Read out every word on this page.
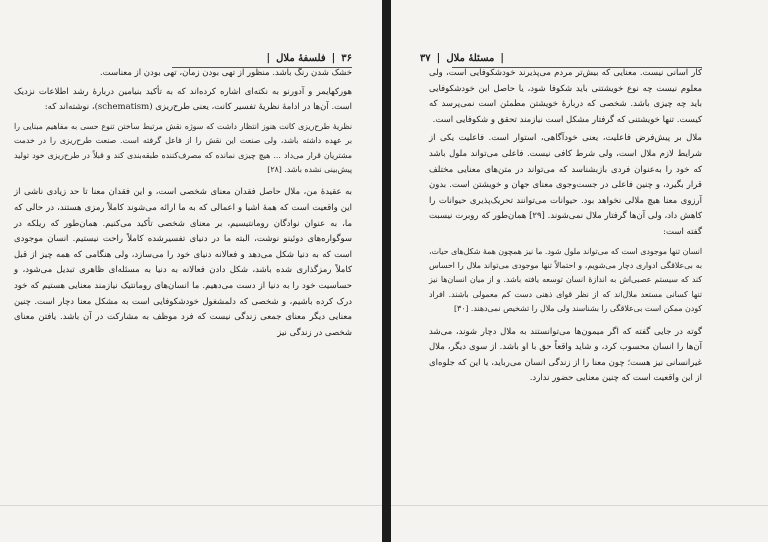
۳۶|فلسفهٔ ملال|

خشک شدن رنگ باشد. منظور از تهی بودن زمان، تهی بودن از معناست.

هورکهایمر و آدورنو به نکته‌ای اشاره کرده‌اند که به تأکید بنیامین دربارهٔ رشد اطلاعات نزدیک است. آن‌ها در ادامهٔ نظریهٔ تفسیر کانت، یعنی طرح‌ریزی (schematism)، نوشته‌اند که:

نظریهٔ طرح‌ریزی کانت هنوز انتظار داشت که سوژه نقش مرتبط ساختن تنوع حسی به مفاهیم مبنایی را بر عهده داشته باشد، ولی صنعت این نقش را از فاعل گرفته است. صنعت طرح‌ریزی را در خدمت مشتریان قرار می‌داد ... هیچ چیزی نمانده که مصرف‌کننده طبقه‌بندی کند و قبلاً در طرح‌ریزی خود تولید پیش‌بینی نشده باشد. [۲۸]

به عقیدهٔ من، ملال حاصل فقدان معنای شخصی است، و این فقدان معنا تا حد زیادی ناشی از این واقعیت است که همهٔ اشیا و اعمالی که به ما ارائه می‌شوند کاملاً رمزی هستند، در حالی که ما، به عنوان نوادگان رومانتیسیم، بر معنای شخصی تأکید می‌کنیم. همان‌طور که ریلکه در سوگواره‌های دوئینو نوشت، البته ما در دنیای تفسیرشده کاملاً راحت نیستیم. انسان موجودی است که به دنیا شکل می‌دهد و فعالانه دنیای خود را می‌سازد، ولی هنگامی که همه چیز از قبل کاملاً رمزگذاری شده باشد، شکل دادن فعالانه به دنیا به مسئله‌ای ظاهری تبدیل می‌شود، و حساسیت خود را به دنیا از دست می‌دهیم. ما انسان‌های رومانتیک نیازمند معنایی هستیم که خود درک کرده باشیم، و شخصی که دلمشغول خودشکوفایی است به مشکل معنا دچار است. چنین معنایی دیگر معنای جمعی زندگی نیست که فرد موظف به مشارکت در آن باشد. یافتن معنای شخصی در زندگی نیز

|مسئلهٔ ملال|۳۷

کار آسانی نیست. معنایی که بیش‌تر مردم می‌پذیرند خودشکوفایی است، ولی معلوم نیست چه نوع خویشتنی باید شکوفا شود، یا حاصل این خودشکوفایی باید چه چیزی باشد. شخصی که دربارهٔ خویشتن مطمئن است نمی‌پرسد که کیست. تنها خویشتنی که گرفتار مشکل است نیازمند تحقق و شکوفایی است.

ملال بر پیش‌فرض فاعلیت، یعنی خودآگاهی، استوار است. فاعلیت یکی از شرایط لازم ملال است، ولی شرط کافی نیست. فاعلی می‌تواند ملول باشد که خود را به‌عنوان فردی بازبشناسد که می‌تواند در متن‌های معنایی مختلف قرار بگیرد، و چنین فاعلی در جست‌وجوی معنای جهان و خویشتن است. بدون آرزوی معنا هیچ ملالی نخواهد بود. حیوانات می‌توانند تحریک‌پذیری حیوانات را کاهش داد، ولی آن‌ها گرفتار ملال نمی‌شوند. [۲۹] همان‌طور که روبرت نیسبت گفته است:

انسان تنها موجودی است که می‌تواند ملول شود. ما نیز همچون همهٔ شکل‌های حیات، به بی‌علاقگی ادواری دچار می‌شویم، و احتمالاً تنها موجودی می‌تواند ملال را احساس کند که سیستم عصبی‌اش به اندازهٔ انسان توسعه یافته باشد. و از میان انسان‌ها نیز تنها کسانی مستعد ملال‌اند که از نظر قوای ذهنی دست کم معمولی باشند. افراد کودن ممکن است بی‌علاقگی را بشناسند ولی ملال را تشخیص نمی‌دهند. [۳۰]

گوته در جایی گفته که اگر میمون‌ها می‌توانستند به ملال دچار شوند، می‌شد آن‌ها را انسان محسوب کرد، و شاید واقعاً حق با او باشد. از سوی دیگر، ملال غیرانسانی نیز هست؛ چون معنا را از زندگی انسان می‌رباید، یا این که جلوه‌ای از این واقعیت است که چنین معنایی حضور ندارد.
